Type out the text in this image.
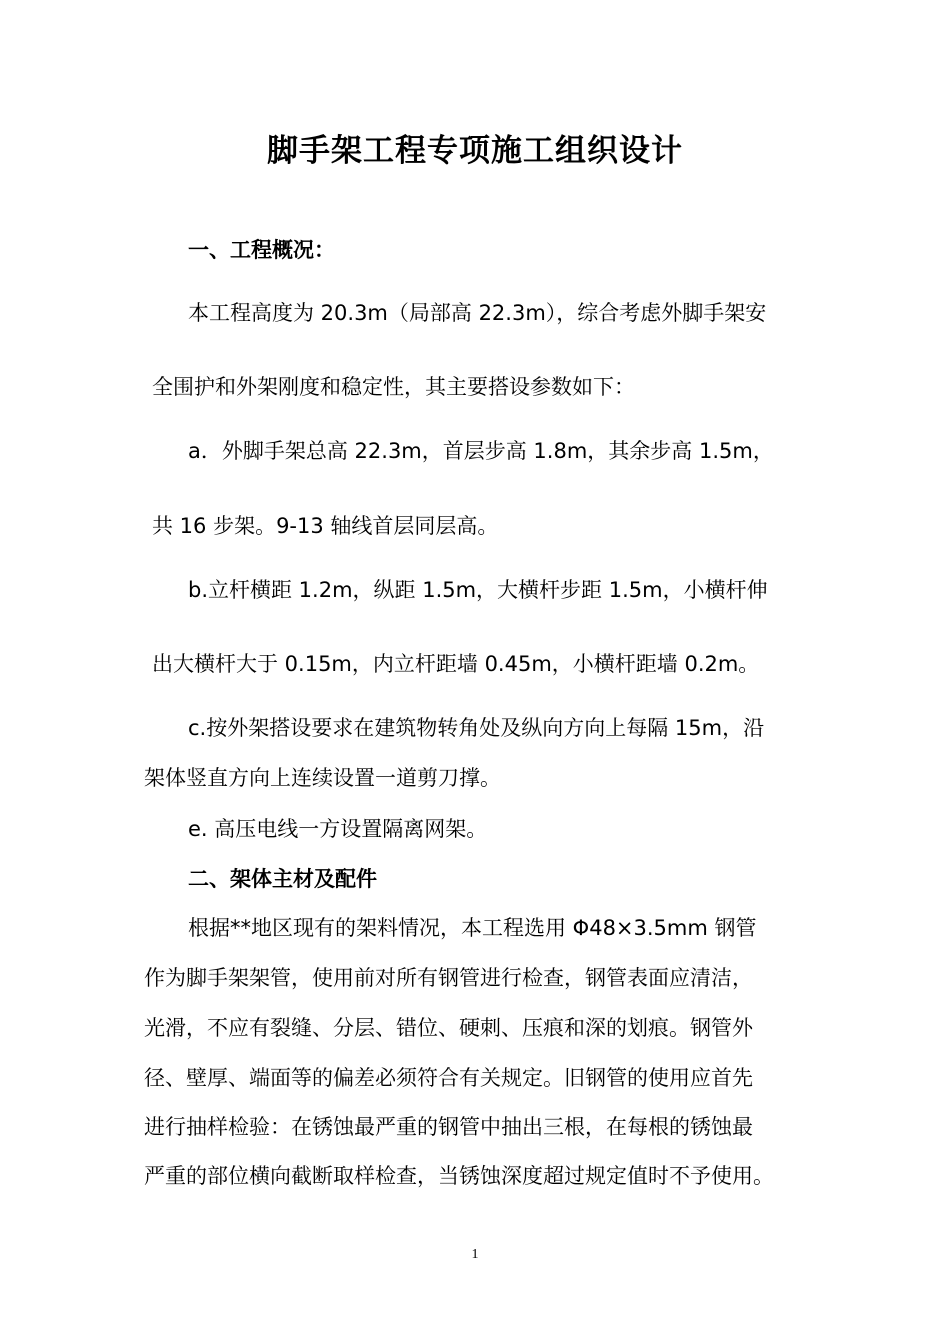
脚手架工程专项施工组织设计

一、工程概况：

本工程高度为 20.3m（局部高 22.3m），综合考虑外脚手架安

全围护和外架刚度和稳定性，其主要搭设参数如下：

a．外脚手架总高 22.3m，首层步高 1.8m，其余步高 1.5m，

共 16 步架。9-13 轴线首层同层高。

b.立杆横距 1.2m，纵距 1.5m，大横杆步距 1.5m，小横杆伸

出大横杆大于 0.15m，内立杆距墙 0.45m，小横杆距墙 0.2m。

c.按外架搭设要求在建筑物转角处及纵向方向上每隔 15m，沿

架体竖直方向上连续设置一道剪刀撑。

e. 高压电线一方设置隔离网架。

二、架体主材及配件

根据**地区现有的架料情况，本工程选用 Φ48×3.5mm 钢管

作为脚手架架管，使用前对所有钢管进行检查，钢管表面应清洁，

光滑，不应有裂缝、分层、错位、硬刺、压痕和深的划痕。钢管外

径、壁厚、端面等的偏差必须符合有关规定。旧钢管的使用应首先

进行抽样检验：在锈蚀最严重的钢管中抽出三根，在每根的锈蚀最

严重的部位横向截断取样检查，当锈蚀深度超过规定值时不予使用。

1
